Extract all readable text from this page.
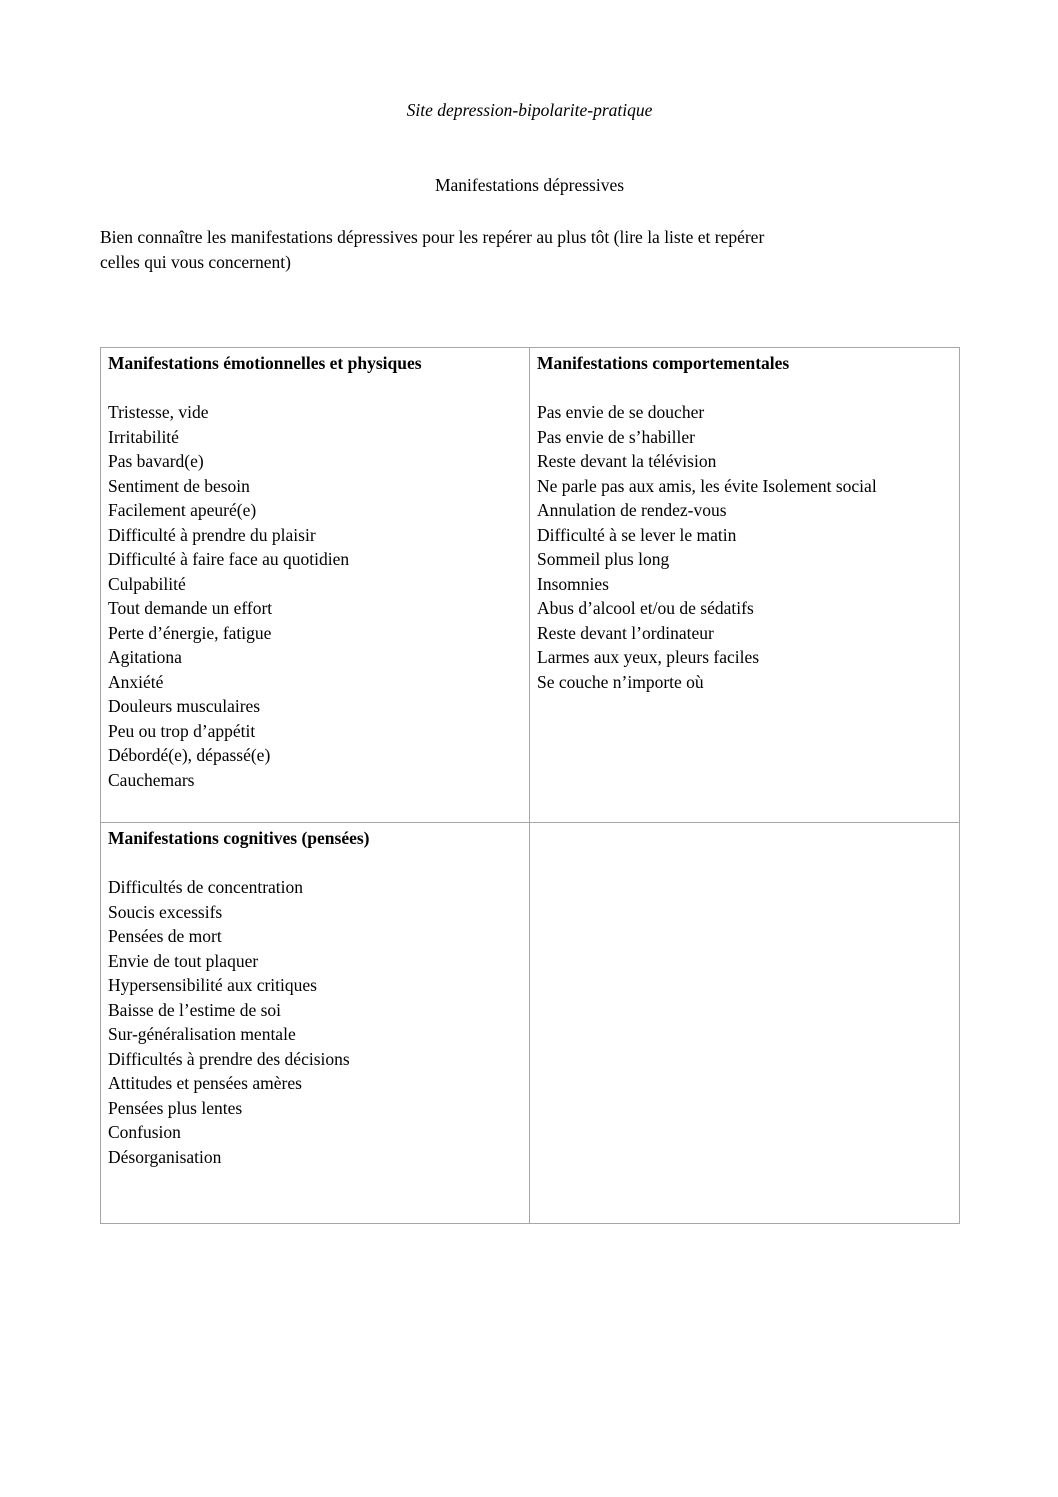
Site depression-bipolarite-pratique
Manifestations dépressives
Bien connaître les manifestations dépressives pour les repérer au plus tôt (lire la liste et repérer
celles qui vous concernent)
Manifestations émotionnelles et physiques
Tristesse, vide
Irritabilité
Pas bavard(e)
Sentiment de besoin
Facilement apeuré(e)
Difficulté à prendre du plaisir
Difficulté à faire face au quotidien
Culpabilité
Tout demande un effort
Perte d’énergie, fatigue
Agitationa
Anxiété
Douleurs musculaires
Peu ou trop d’appétit
Débordé(e), dépassé(e)
Cauchemars

Manifestations comportementales
Pas envie de se doucher
Pas envie de s’habiller
Reste devant la télévision
Ne parle pas aux amis, les évite Isolement social
Annulation de rendez-vous
Difficulté à se lever le matin
Sommeil plus long
Insomnies
Abus d’alcool et/ou de sédatifs
Reste devant l’ordinateur
Larmes aux yeux, pleurs faciles
Se couche n’importe où

Manifestations cognitives (pensées)
Difficultés de concentration
Soucis excessifs
Pensées de mort
Envie de tout plaquer
Hypersensibilité aux critiques
Baisse de l’estime de soi
Sur-généralisation mentale
Difficultés à prendre des décisions
Attitudes et pensées amères
Pensées plus lentes
Confusion
Désorganisation
